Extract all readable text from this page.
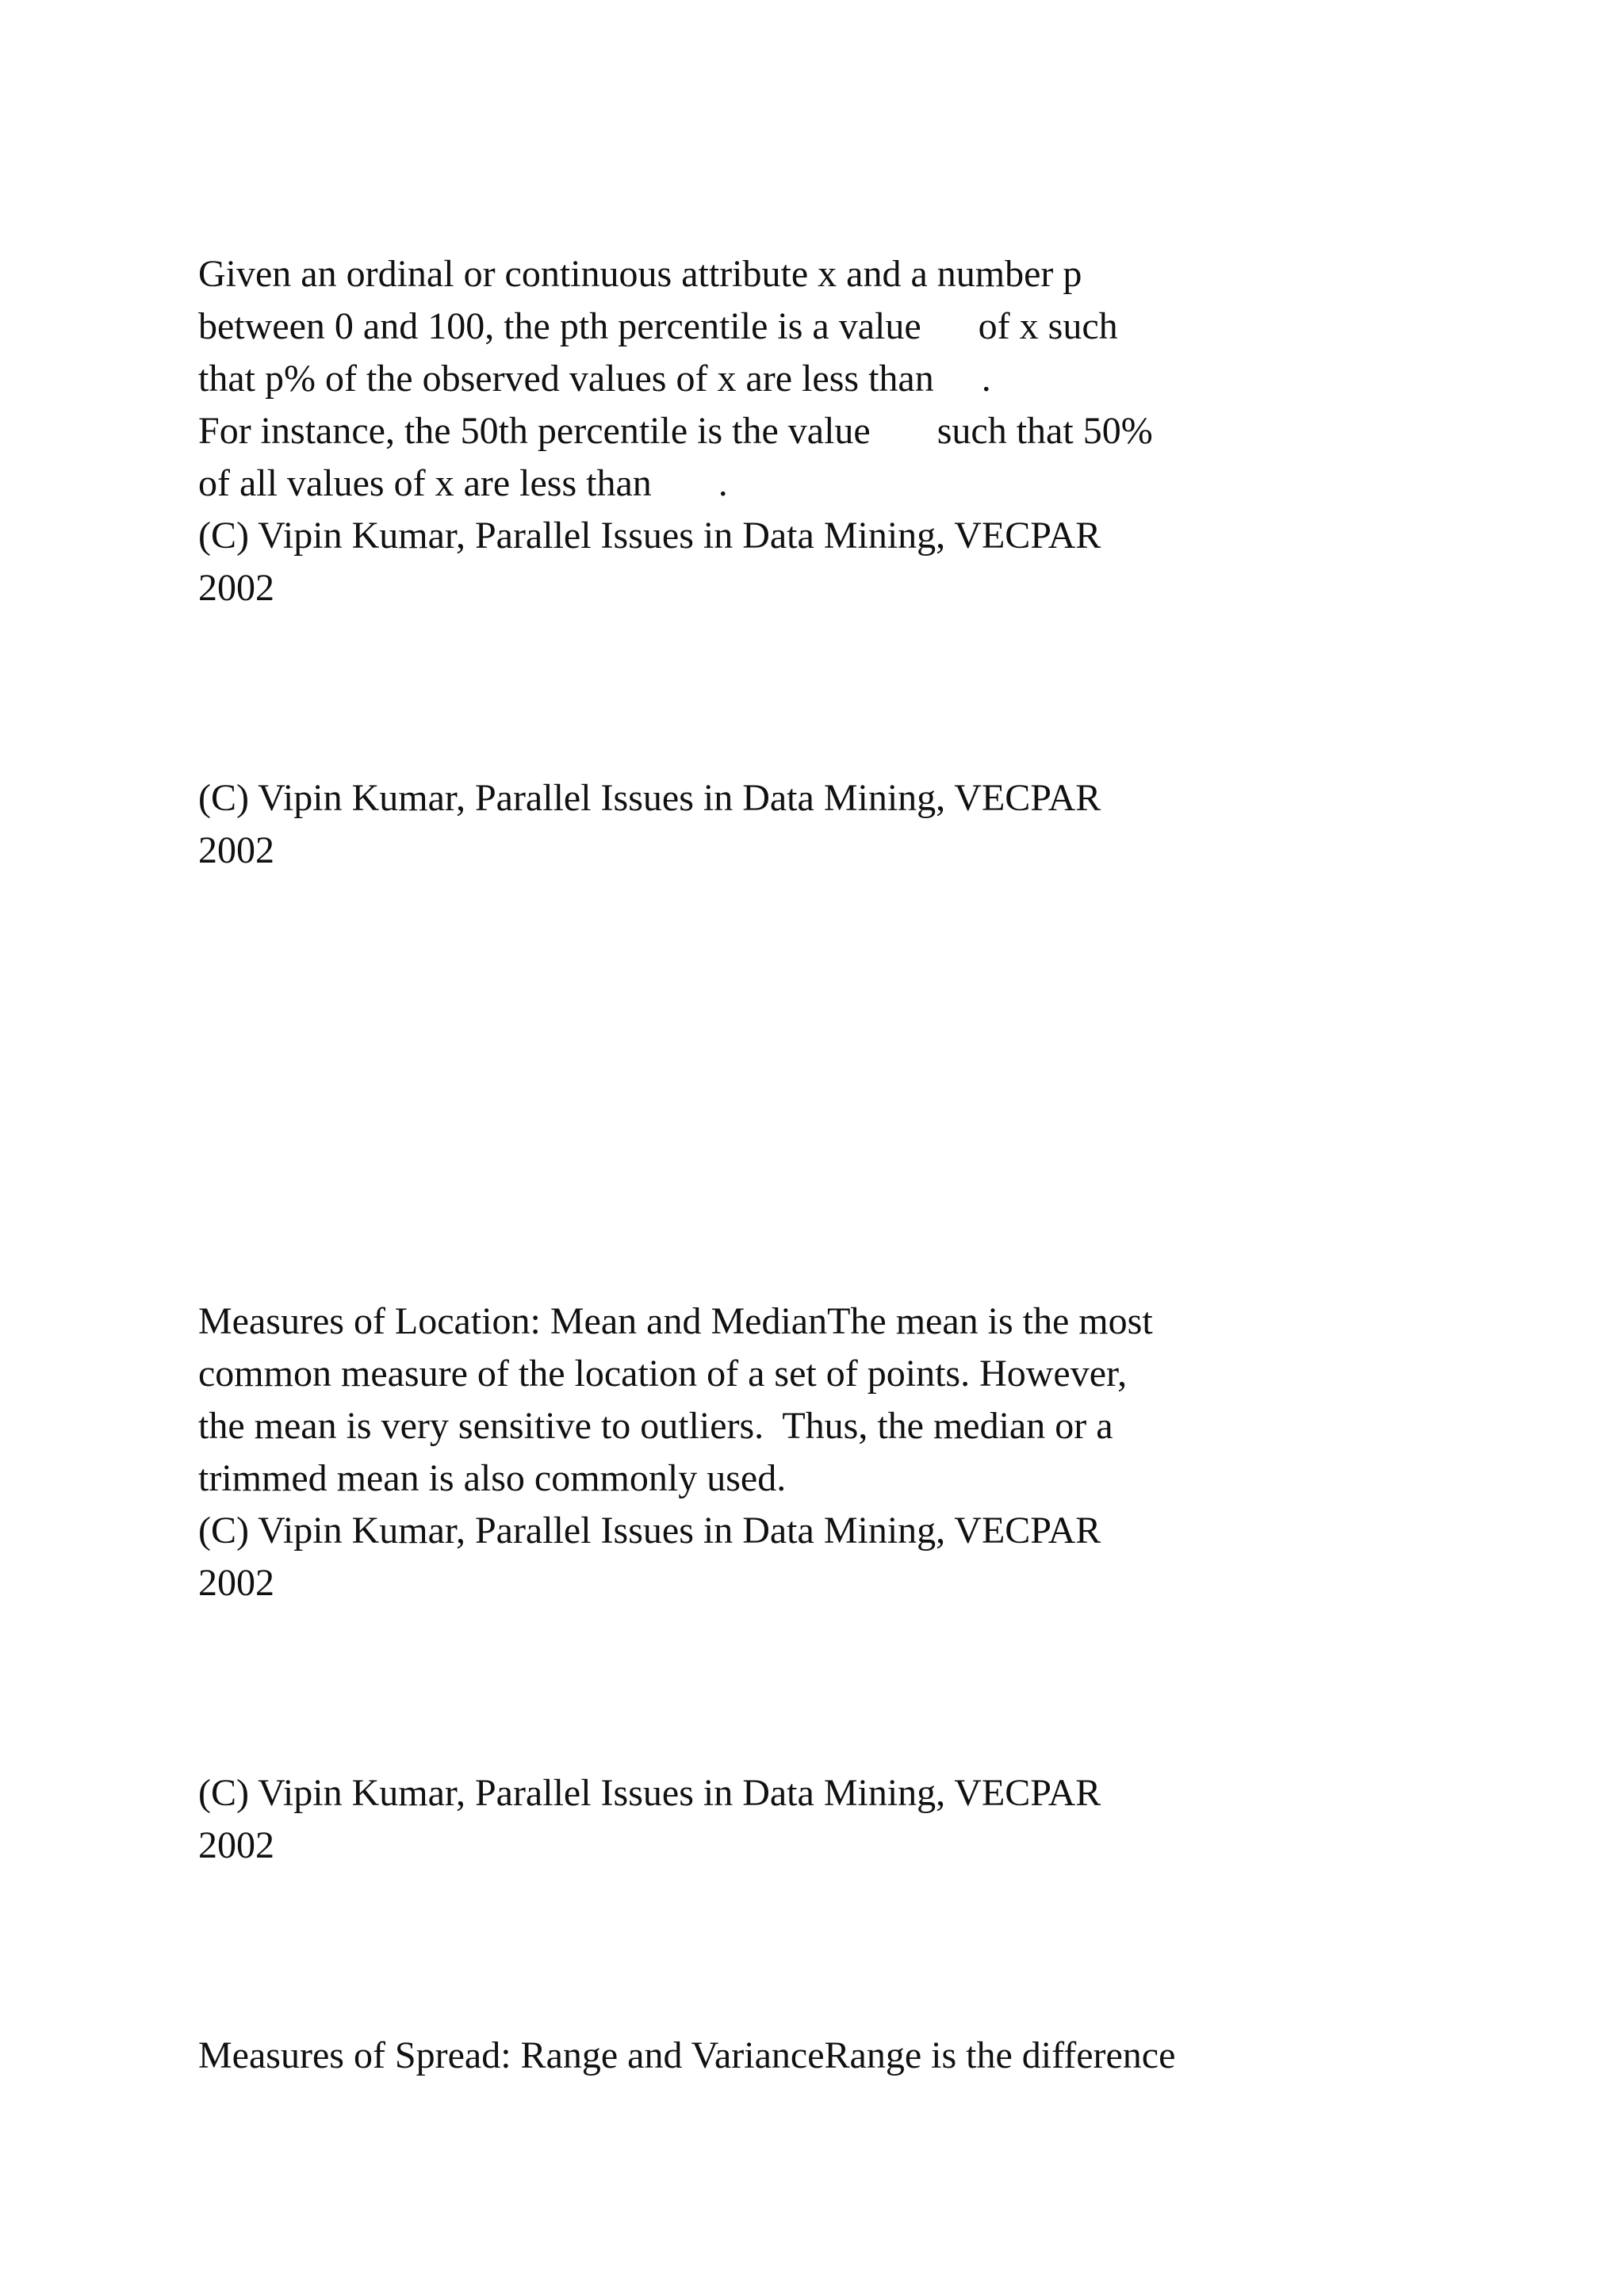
Given an ordinal or continuous attribute x and a number p

between 0 and 100, the pth percentile is a value      of x such

that p% of the observed values of x are less than     .

For instance, the 50th percentile is the value       such that 50%

of all values of x are less than       .

(C) Vipin Kumar, Parallel Issues in Data Mining, VECPAR

2002

(C) Vipin Kumar, Parallel Issues in Data Mining, VECPAR

2002

Measures of Location: Mean and MedianThe mean is the most

common measure of the location of a set of points. However,

the mean is very sensitive to outliers.  Thus, the median or a

trimmed mean is also commonly used.

(C) Vipin Kumar, Parallel Issues in Data Mining, VECPAR

2002

(C) Vipin Kumar, Parallel Issues in Data Mining, VECPAR

2002

Measures of Spread: Range and VarianceRange is the difference
